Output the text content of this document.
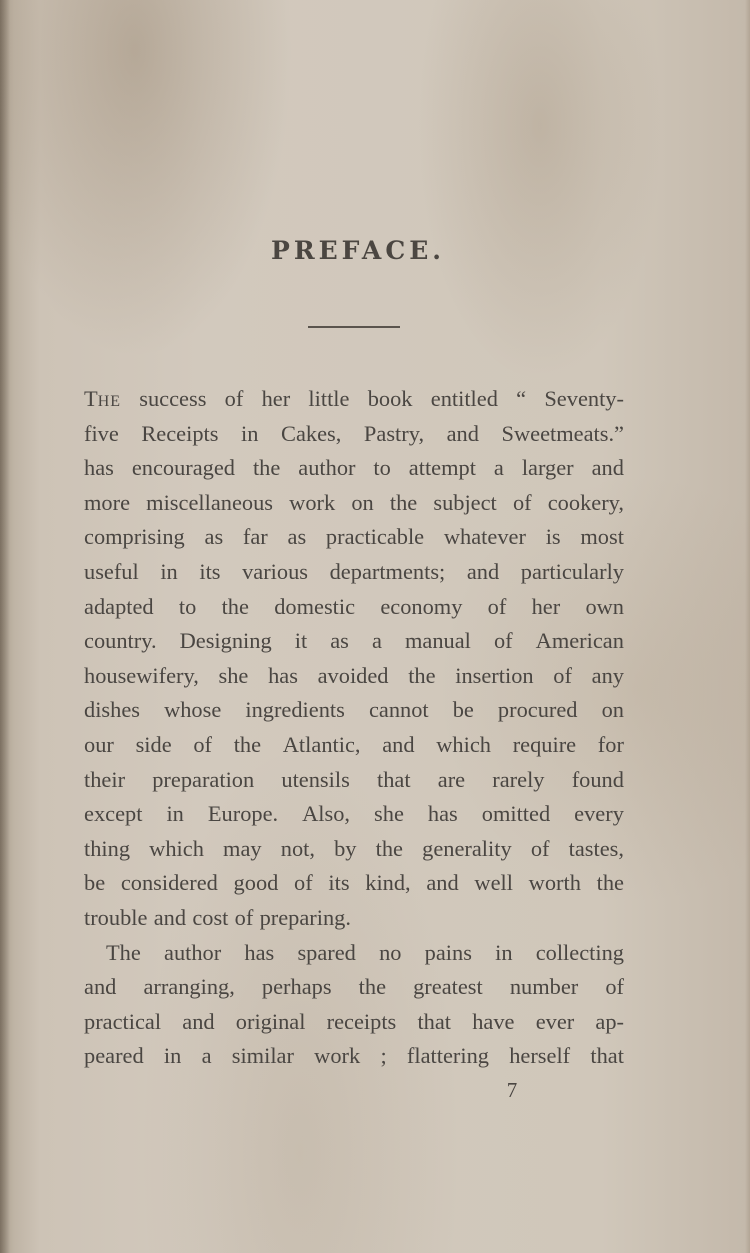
PREFACE.
THE success of her little book entitled “ Seventy-
five Receipts in Cakes, Pastry, and Sweetmeats.”
has encouraged the author to attempt a larger and
more miscellaneous work on the subject of cookery,
comprising as far as practicable whatever is most
useful in its various departments; and particularly
adapted to the domestic economy of her own
country. Designing it as a manual of American
housewifery, she has avoided the insertion of any
dishes whose ingredients cannot be procured on
our side of the Atlantic, and which require for
their preparation utensils that are rarely found
except in Europe. Also, she has omitted every
thing which may not, by the generality of tastes,
be considered good of its kind, and well worth the
trouble and cost of preparing.
The author has spared no pains in collecting
and arranging, perhaps the greatest number of
practical and original receipts that have ever ap-
peared in a similar work ; flattering herself that
7
